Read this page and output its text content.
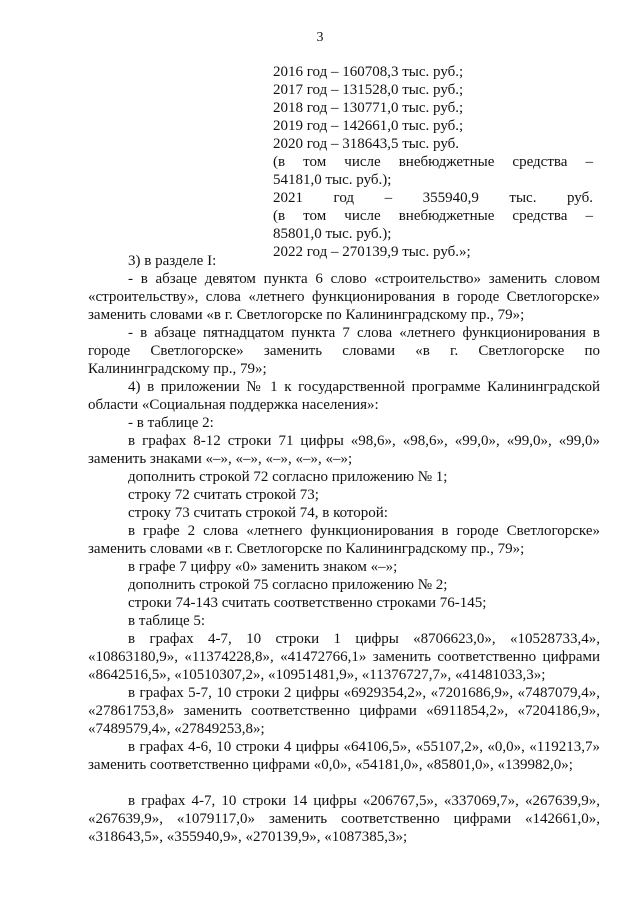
3
2016 год – 160708,3 тыс. руб.;
2017 год – 131528,0 тыс. руб.;
2018 год – 130771,0 тыс. руб.;
2019 год – 142661,0 тыс. руб.;
2020 год – 318643,5 тыс. руб.
(в том числе внебюджетные средства –
54181,0 тыс. руб.);
2021 год – 355940,9 тыс. руб.
(в том числе внебюджетные средства –
85801,0 тыс. руб.);
2022 год – 270139,9 тыс. руб.»;
3) в разделе I:
- в абзаце девятом пункта 6 слово «строительство» заменить словом «строительству», слова «летнего функционирования в городе Светлогорске» заменить словами «в г. Светлогорске по Калининградскому пр., 79»;
- в абзаце пятнадцатом пункта 7 слова «летнего функционирования в городе Светлогорске» заменить словами «в г. Светлогорске по Калининградскому пр., 79»;
4) в приложении № 1 к государственной программе Калининградской области «Социальная поддержка населения»:
- в таблице 2:
в графах 8-12 строки 71 цифры «98,6», «98,6», «99,0», «99,0», «99,0» заменить знаками «–», «–», «–», «–», «–»;
дополнить строкой 72 согласно приложению № 1;
строку 72 считать строкой 73;
строку 73 считать строкой 74, в которой:
в графе 2 слова «летнего функционирования в городе Светлогорске» заменить словами «в г. Светлогорске по Калининградскому пр., 79»;
в графе 7 цифру «0» заменить знаком «–»;
дополнить строкой 75 согласно приложению № 2;
строки 74-143 считать соответственно строками 76-145;
в таблице 5:
в графах 4-7, 10 строки 1 цифры «8706623,0», «10528733,4», «10863180,9», «11374228,8», «41472766,1» заменить соответственно цифрами «8642516,5», «10510307,2», «10951481,9», «11376727,7», «41481033,3»;
в графах 5-7, 10 строки 2 цифры «6929354,2», «7201686,9», «7487079,4», «27861753,8» заменить соответственно цифрами «6911854,2», «7204186,9», «7489579,4», «27849253,8»;
в графах 4-6, 10 строки 4 цифры «64106,5», «55107,2», «0,0», «119213,7» заменить соответственно цифрами «0,0», «54181,0», «85801,0», «139982,0»;
в графах 4-7, 10 строки 14 цифры «206767,5», «337069,7», «267639,9», «267639,9», «1079117,0» заменить соответственно цифрами «142661,0», «318643,5», «355940,9», «270139,9», «1087385,3»;
